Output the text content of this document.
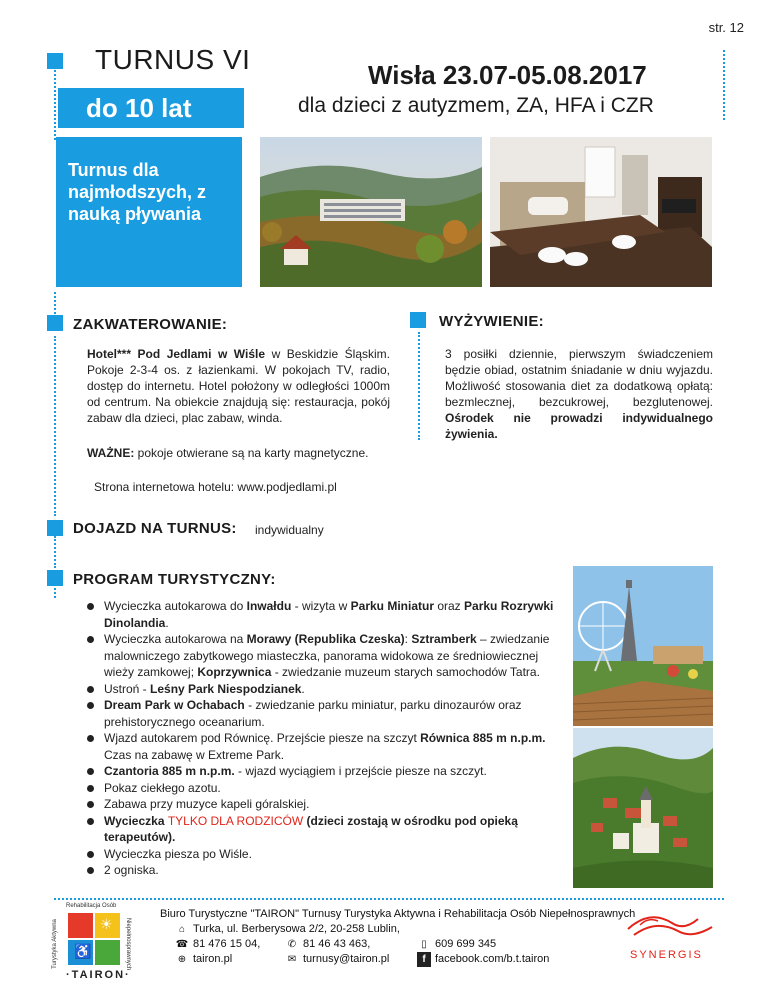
str. 12
TURNUS VI
do 10 lat
Wisła 23.07-05.08.2017
dla dzieci z autyzmem, ZA, HFA i CZR
Turnus dla najmłodszych, z nauką pływania
ZAKWATEROWANIE:
Hotel*** Pod Jedlami w Wiśle w Beskidzie Śląskim. Pokoje 2-3-4 os. z łazienkami. W pokojach TV, radio, dostęp do internetu. Hotel położony w odległości 1000m od centrum. Na obiekcie znajdują się: restauracja, pokój zabaw dla dzieci, plac zabaw, winda.
WYŻYWIENIE:
3 posiłki dziennie, pierwszym świadczeniem będzie obiad, ostatnim śniadanie w dniu wyjazdu. Możliwość stosowania diet za dodatkową opłatą: bezmlecznej, bezcukrowej, bezglutenowej. Ośrodek nie prowadzi indywidualnego żywienia.
WAŻNE: pokoje otwierane są na karty magnetyczne.
Strona internetowa hotelu: www.podjedlami.pl
DOJAZD NA TURNUS: indywidualny
PROGRAM TURYSTYCZNY:
Wycieczka autokarowa do Inwałdu - wizyta w Parku Miniatur oraz Parku Rozrywki Dinolandia.
Wycieczka autokarowa na Morawy (Republika Czeska): Sztramberk – zwiedzanie malowniczego zabytkowego miasteczka, panorama widokowa ze średniowiecznej wieży zamkowej; Koprzywnica - zwiedzanie muzeum starych samochodów Tatra.
Ustroń - Leśny Park Niespodzianek.
Dream Park w Ochabach - zwiedzanie parku miniatur, parku dinozaurów oraz prehistorycznego oceanarium.
Wjazd autokarem pod Równicę. Przejście piesze na szczyt Równica 885 m n.p.m. Czas na zabawę w Extreme Park.
Czantoria 885 m n.p.m. - wjazd wyciągiem i przejście piesze na szczyt.
Pokaz ciekłego azotu.
Zabawa przy muzyce kapeli góralskiej.
Wycieczka TYLKO DLA RODZICÓW (dzieci zostają w ośrodku pod opieką terapeutów).
Wycieczka piesza po Wiśle.
2 ogniska.
Rehabilitacja Osób
Turystyka Aktywna	Niepełnosprawnych
♿
☀
·TAIRON·
Biuro Turystyczne "TAIRON" Turnusy Turystyka Aktywna i Rehabilitacja Osób Niepełnosprawnych
⌂ Turka, ul. Berberysowa 2/2, 20-258 Lublin,
☎ 81 476 15 04,	✆ 81 46 43 463,	▯ 609 699 345
⊕ tairon.pl	✉ turnusy@tairon.pl	f facebook.com/b.t.tairon	SYNERGIS
